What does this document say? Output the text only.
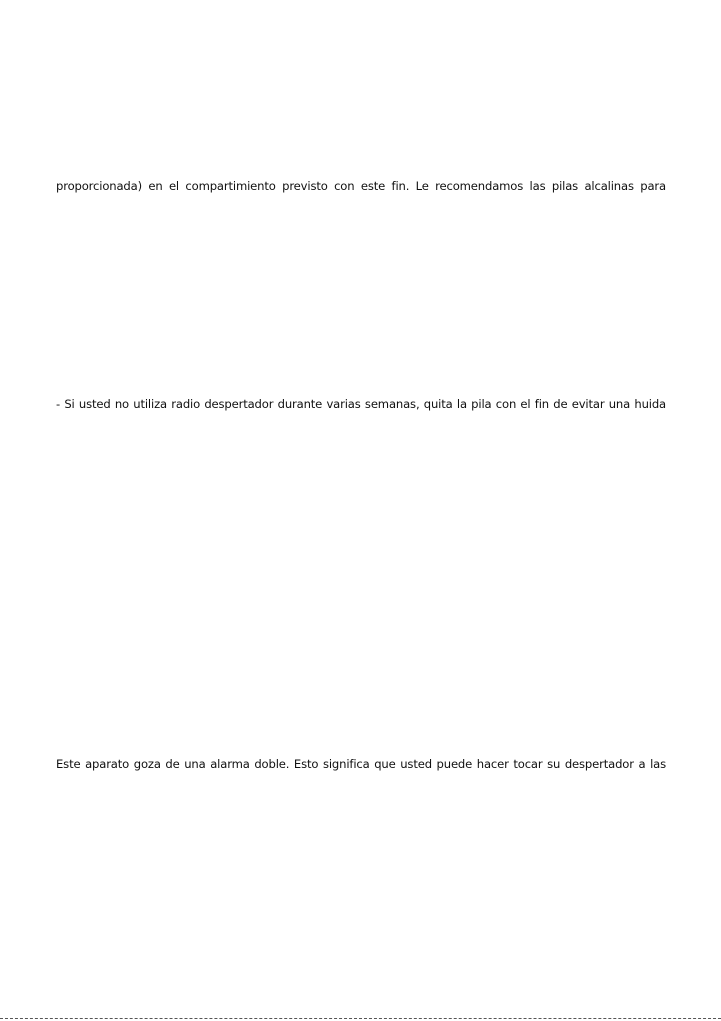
proporcionada) en el compartimiento previsto con este fin. Le recomendamos las pilas alcalinas para
- Si usted no utiliza radio despertador durante varias semanas, quita la pila con el fin de evitar una huida
Este aparato goza de una alarma doble. Esto significa que usted puede hacer tocar su despertador a las
